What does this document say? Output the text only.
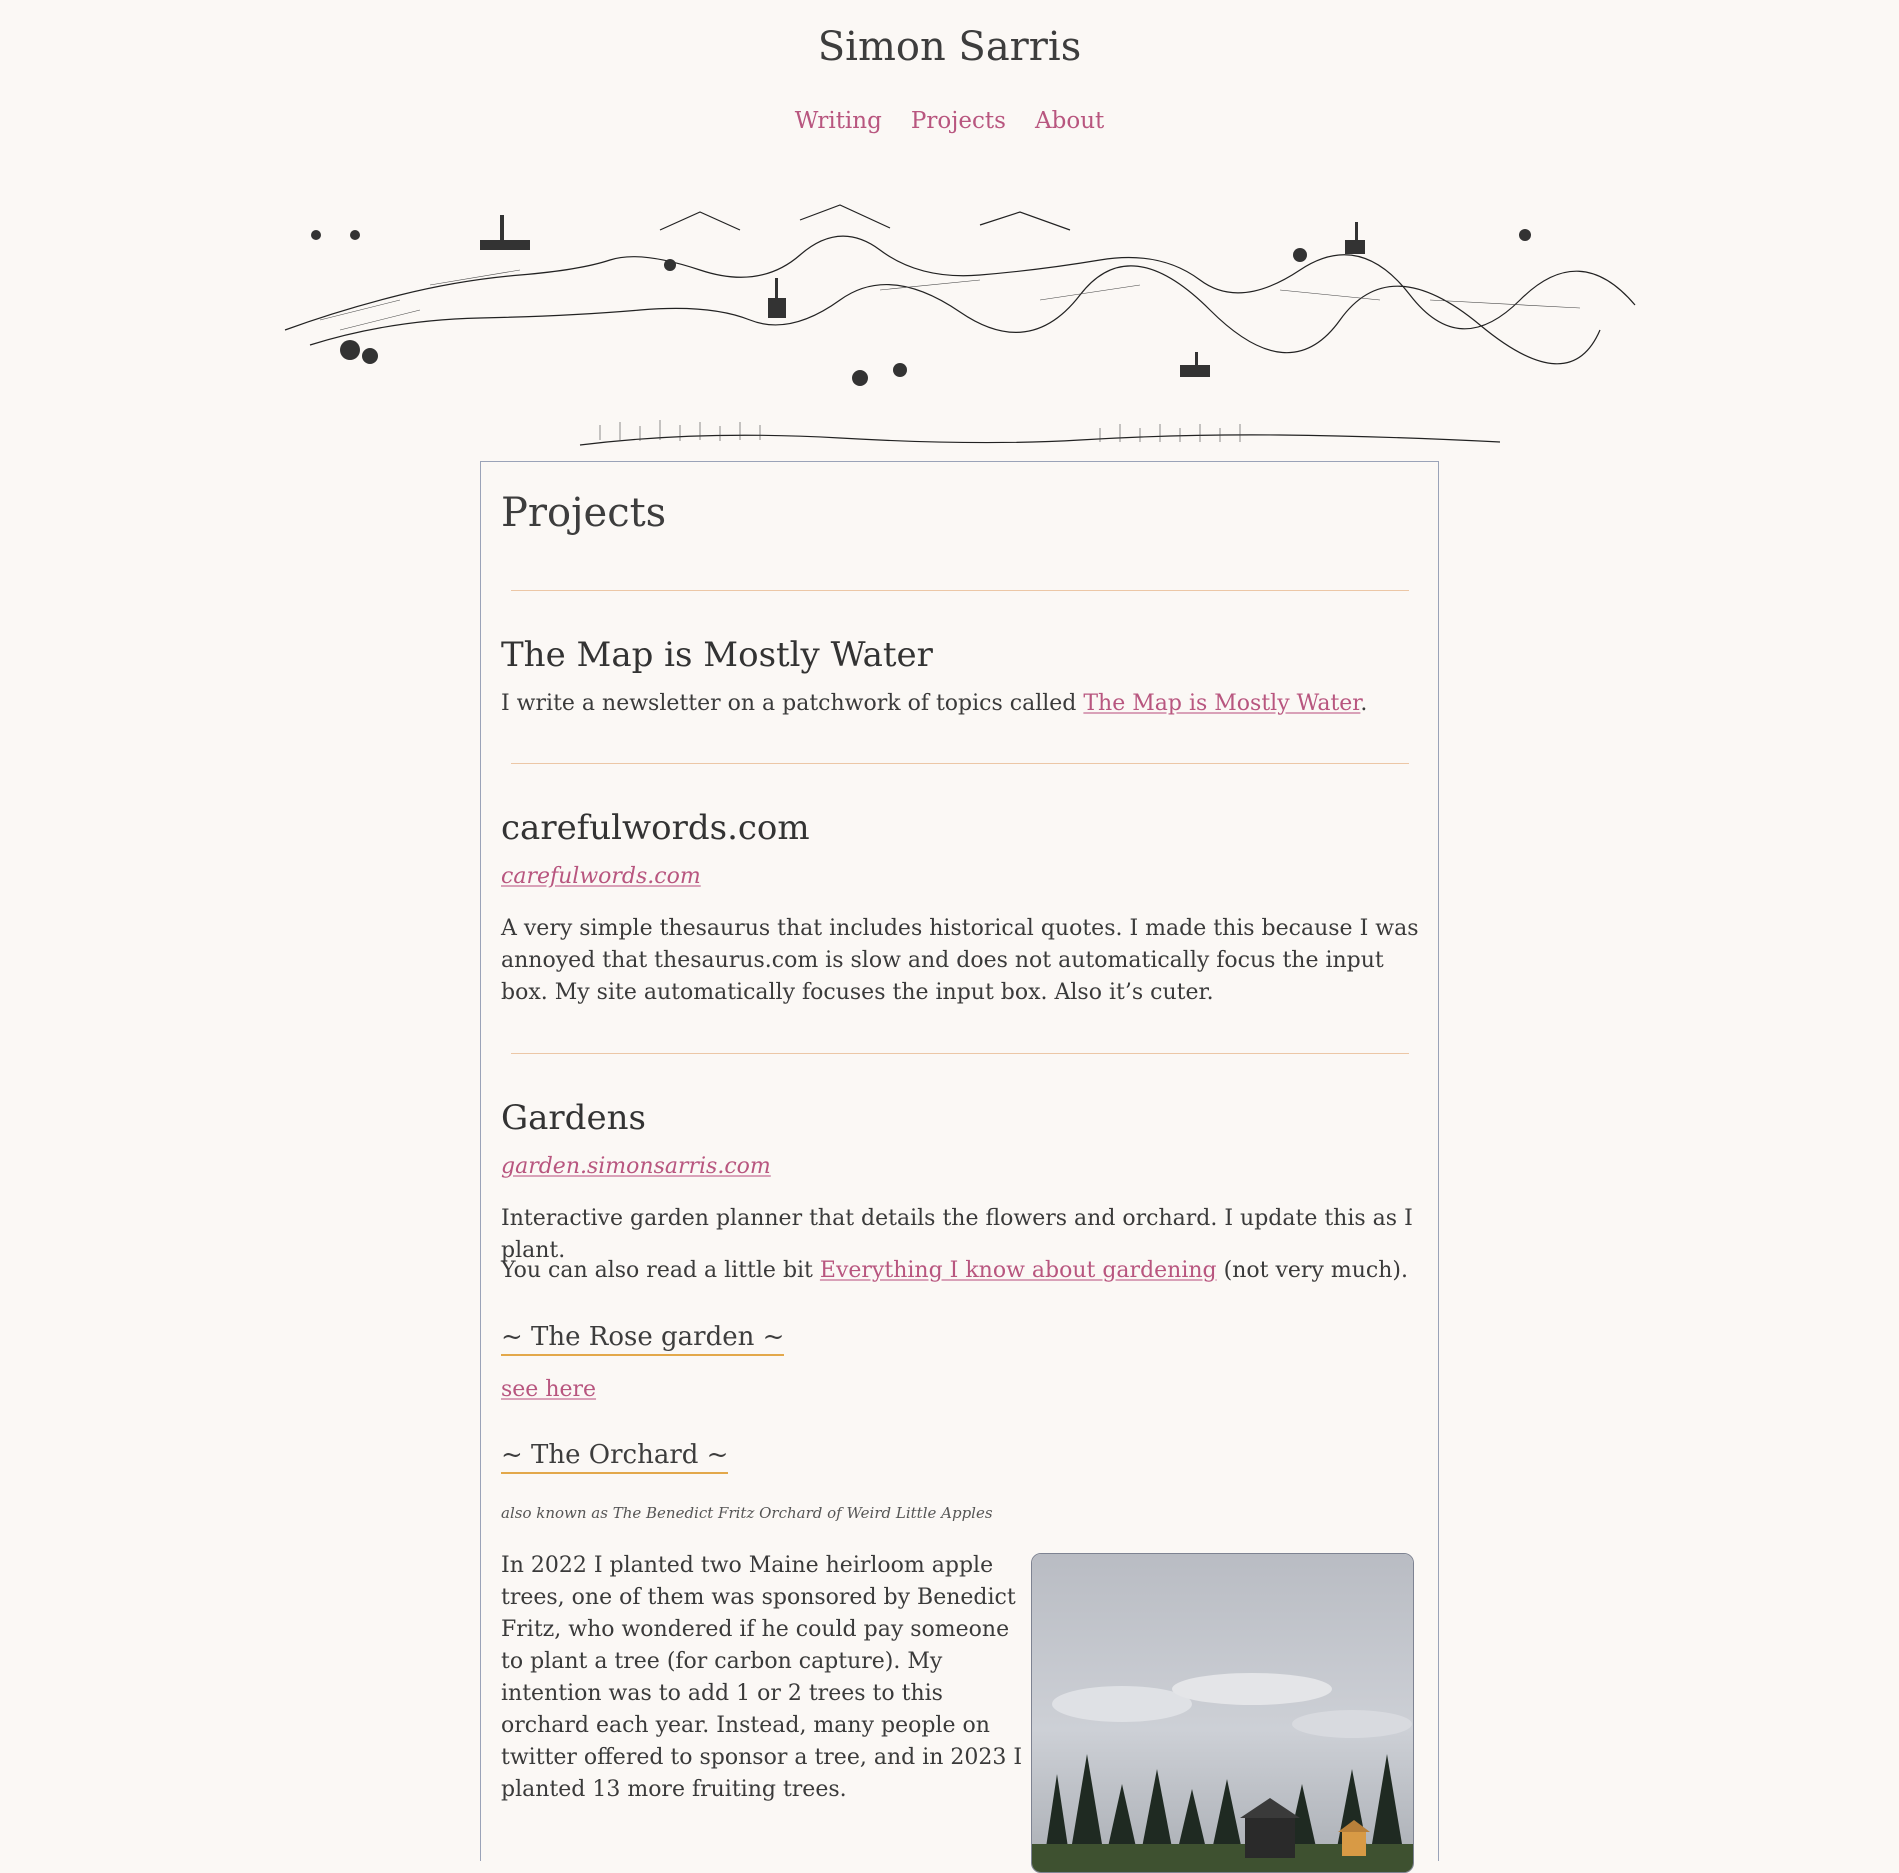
Simon Sarris
Writing Projects About
Projects
The Map is Mostly Water

I write a newsletter on a patchwork of topics called The Map is Mostly Water.

carefulwords.com

carefulwords.com

A very simple thesaurus that includes historical quotes. I made this because I was annoyed that thesaurus.com is slow and does not automatically focus the input box. My site automatically focuses the input box. Also it’s cuter.

Gardens

garden.simonsarris.com

Interactive garden planner that details the flowers and orchard. I update this as I plant.

You can also read a little bit Everything I know about gardening (not very much).

~ The Rose garden ~

see here

~ The Orchard ~
also known as The Benedict Fritz Orchard of Weird Little Apples

In 2022 I planted two Maine heirloom apple trees, one of them was sponsored by Benedict Fritz, who wondered if he could pay someone to plant a tree (for carbon capture). My intention was to add 1 or 2 trees to this orchard each year. Instead, many people on twitter offered to sponsor a tree, and in 2023 I planted 13 more fruiting trees.
